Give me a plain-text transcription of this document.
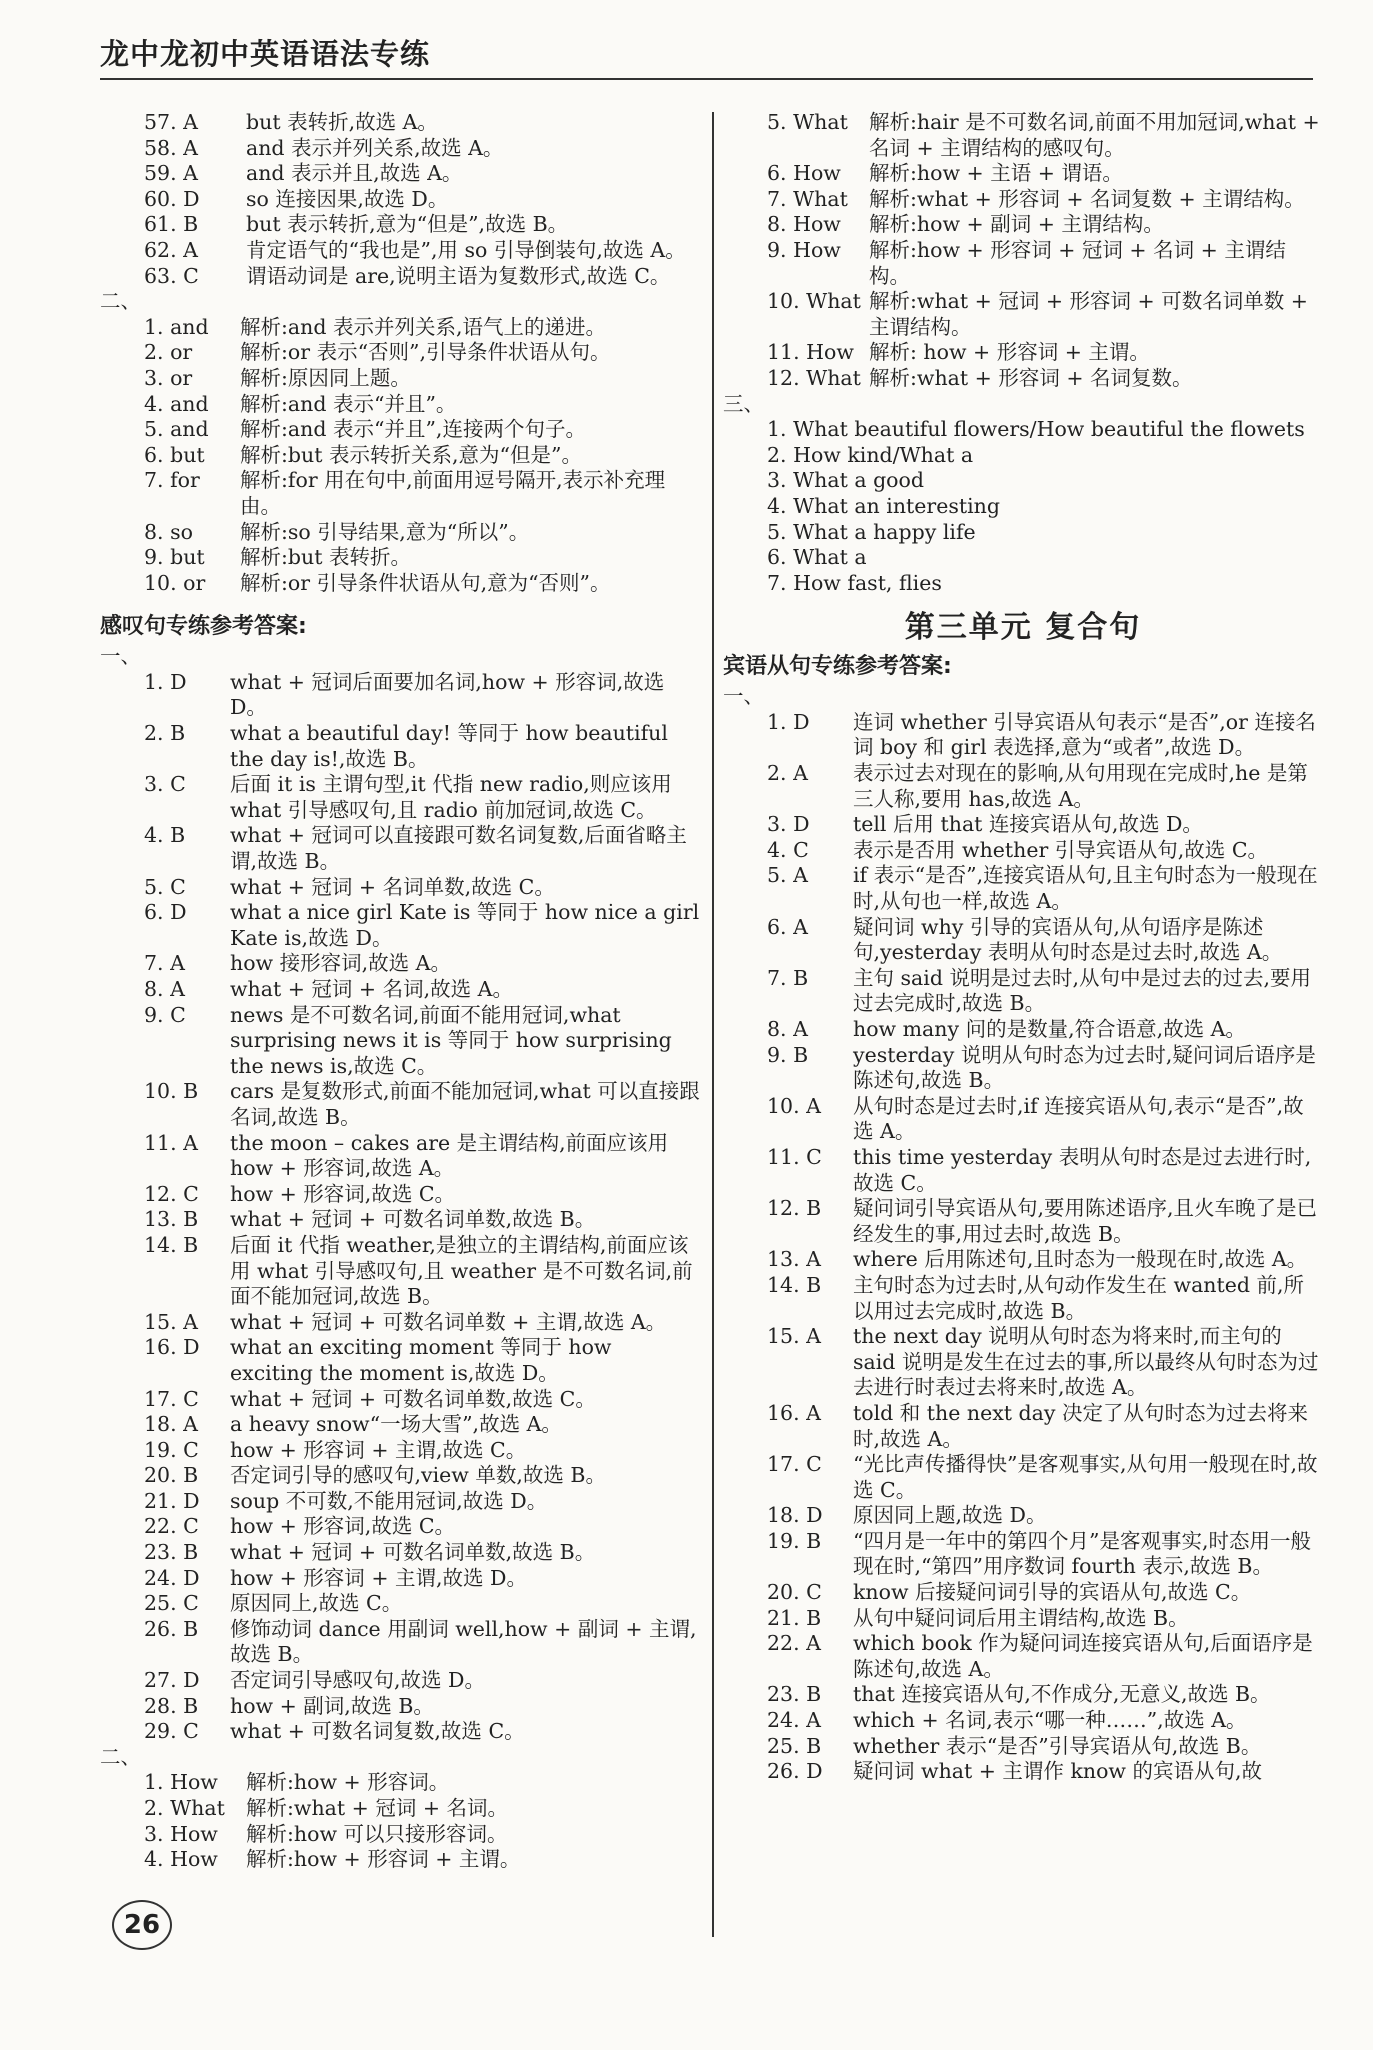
龙中龙初中英语语法专练
57. A	but 表转折,故选 A。
58. A	and 表示并列关系,故选 A。
59. A	and 表示并且,故选 A。
60. D	so 连接因果,故选 D。
61. B	but 表示转折,意为“但是”,故选 B。
62. A	肯定语气的“我也是”,用 so 引导倒装句,故选 A。
63. C	谓语动词是 are,说明主语为复数形式,故选 C。
二、
1. and	解析:and 表示并列关系,语气上的递进。
2. or	解析:or 表示“否则”,引导条件状语从句。
3. or	解析:原因同上题。
4. and	解析:and 表示“并且”。
5. and	解析:and 表示“并且”,连接两个句子。
6. but	解析:but 表示转折关系,意为“但是”。
7. for	解析:for 用在句中,前面用逗号隔开,表示补充理由。
8. so	解析:so 引导结果,意为“所以”。
9. but	解析:but 表转折。
10. or	解析:or 引导条件状语从句,意为“否则”。
感叹句专练参考答案:
一、
1. D	what + 冠词后面要加名词,how + 形容词,故选 D。
2. B	what a beautiful day! 等同于 how beautiful the day is!,故选 B。
3. C	后面 it is 主谓句型,it 代指 new radio,则应该用 what 引导感叹句,且 radio 前加冠词,故选 C。
4. B	what + 冠词可以直接跟可数名词复数,后面省略主谓,故选 B。
5. C	what + 冠词 + 名词单数,故选 C。
6. D	what a nice girl Kate is 等同于 how nice a girl Kate is,故选 D。
7. A	how 接形容词,故选 A。
8. A	what + 冠词 + 名词,故选 A。
9. C	news 是不可数名词,前面不能用冠词,what surprising news it is 等同于 how surprising the news is,故选 C。
10. B	cars 是复数形式,前面不能加冠词,what 可以直接跟名词,故选 B。
11. A	the moon – cakes are 是主谓结构,前面应该用 how + 形容词,故选 A。
12. C	how + 形容词,故选 C。
13. B	what + 冠词 + 可数名词单数,故选 B。
14. B	后面 it 代指 weather,是独立的主谓结构,前面应该用 what 引导感叹句,且 weather 是不可数名词,前面不能加冠词,故选 B。
15. A	what + 冠词 + 可数名词单数 + 主谓,故选 A。
16. D	what an exciting moment 等同于 how exciting the moment is,故选 D。
17. C	what + 冠词 + 可数名词单数,故选 C。
18. A	a heavy snow“一场大雪”,故选 A。
19. C	how + 形容词 + 主谓,故选 C。
20. B	否定词引导的感叹句,view 单数,故选 B。
21. D	soup 不可数,不能用冠词,故选 D。
22. C	how + 形容词,故选 C。
23. B	what + 冠词 + 可数名词单数,故选 B。
24. D	how + 形容词 + 主谓,故选 D。
25. C	原因同上,故选 C。
26. B	修饰动词 dance 用副词 well,how + 副词 + 主谓,故选 B。
27. D	否定词引导感叹句,故选 D。
28. B	how + 副词,故选 B。
29. C	what + 可数名词复数,故选 C。
二、
1. How	解析:how + 形容词。
2. What	解析:what + 冠词 + 名词。
3. How	解析:how 可以只接形容词。
4. How	解析:how + 形容词 + 主谓。
5. What	解析:hair 是不可数名词,前面不用加冠词,what + 名词 + 主谓结构的感叹句。
6. How	解析:how + 主语 + 谓语。
7. What	解析:what + 形容词 + 名词复数 + 主谓结构。
8. How	解析:how + 副词 + 主谓结构。
9. How	解析:how + 形容词 + 冠词 + 名词 + 主谓结构。
10. What 解析:what + 冠词 + 形容词 + 可数名词单数 + 主谓结构。
11. How 解析: how + 形容词 + 主谓。
12. What 解析:what + 形容词 + 名词复数。
三、
1. What beautiful flowers/How beautiful the flowets
2. How kind/What a
3. What a good
4. What an interesting
5. What a happy life
6. What a
7. How fast, flies
第三单元 复合句
宾语从句专练参考答案:
一、
1. D	连词 whether 引导宾语从句表示“是否”,or 连接名词 boy 和 girl 表选择,意为“或者”,故选 D。
2. A	表示过去对现在的影响,从句用现在完成时,he 是第三人称,要用 has,故选 A。
3. D	tell 后用 that 连接宾语从句,故选 D。
4. C	表示是否用 whether 引导宾语从句,故选 C。
5. A	if 表示“是否”,连接宾语从句,且主句时态为一般现在时,从句也一样,故选 A。
6. A	疑问词 why 引导的宾语从句,从句语序是陈述句,yesterday 表明从句时态是过去时,故选 A。
7. B	主句 said 说明是过去时,从句中是过去的过去,要用过去完成时,故选 B。
8. A	how many 问的是数量,符合语意,故选 A。
9. B	yesterday 说明从句时态为过去时,疑问词后语序是陈述句,故选 B。
10. A	从句时态是过去时,if 连接宾语从句,表示“是否”,故选 A。
11. C	this time yesterday 表明从句时态是过去进行时,故选 C。
12. B	疑问词引导宾语从句,要用陈述语序,且火车晚了是已经发生的事,用过去时,故选 B。
13. A	where 后用陈述句,且时态为一般现在时,故选 A。
14. B	主句时态为过去时,从句动作发生在 wanted 前,所以用过去完成时,故选 B。
15. A	the next day 说明从句时态为将来时,而主句的 said 说明是发生在过去的事,所以最终从句时态为过去进行时表过去将来时,故选 A。
16. A	told 和 the next day 决定了从句时态为过去将来时,故选 A。
17. C	“光比声传播得快”是客观事实,从句用一般现在时,故选 C。
18. D	原因同上题,故选 D。
19. B	“四月是一年中的第四个月”是客观事实,时态用一般现在时,“第四”用序数词 fourth 表示,故选 B。
20. C	know 后接疑问词引导的宾语从句,故选 C。
21. B	从句中疑问词后用主谓结构,故选 B。
22. A	which book 作为疑问词连接宾语从句,后面语序是陈述句,故选 A。
23. B	that 连接宾语从句,不作成分,无意义,故选 B。
24. A	which + 名词,表示“哪一种……”,故选 A。
25. B	whether 表示“是否”引导宾语从句,故选 B。
26. D	疑问词 what + 主谓作 know 的宾语从句,故
26
